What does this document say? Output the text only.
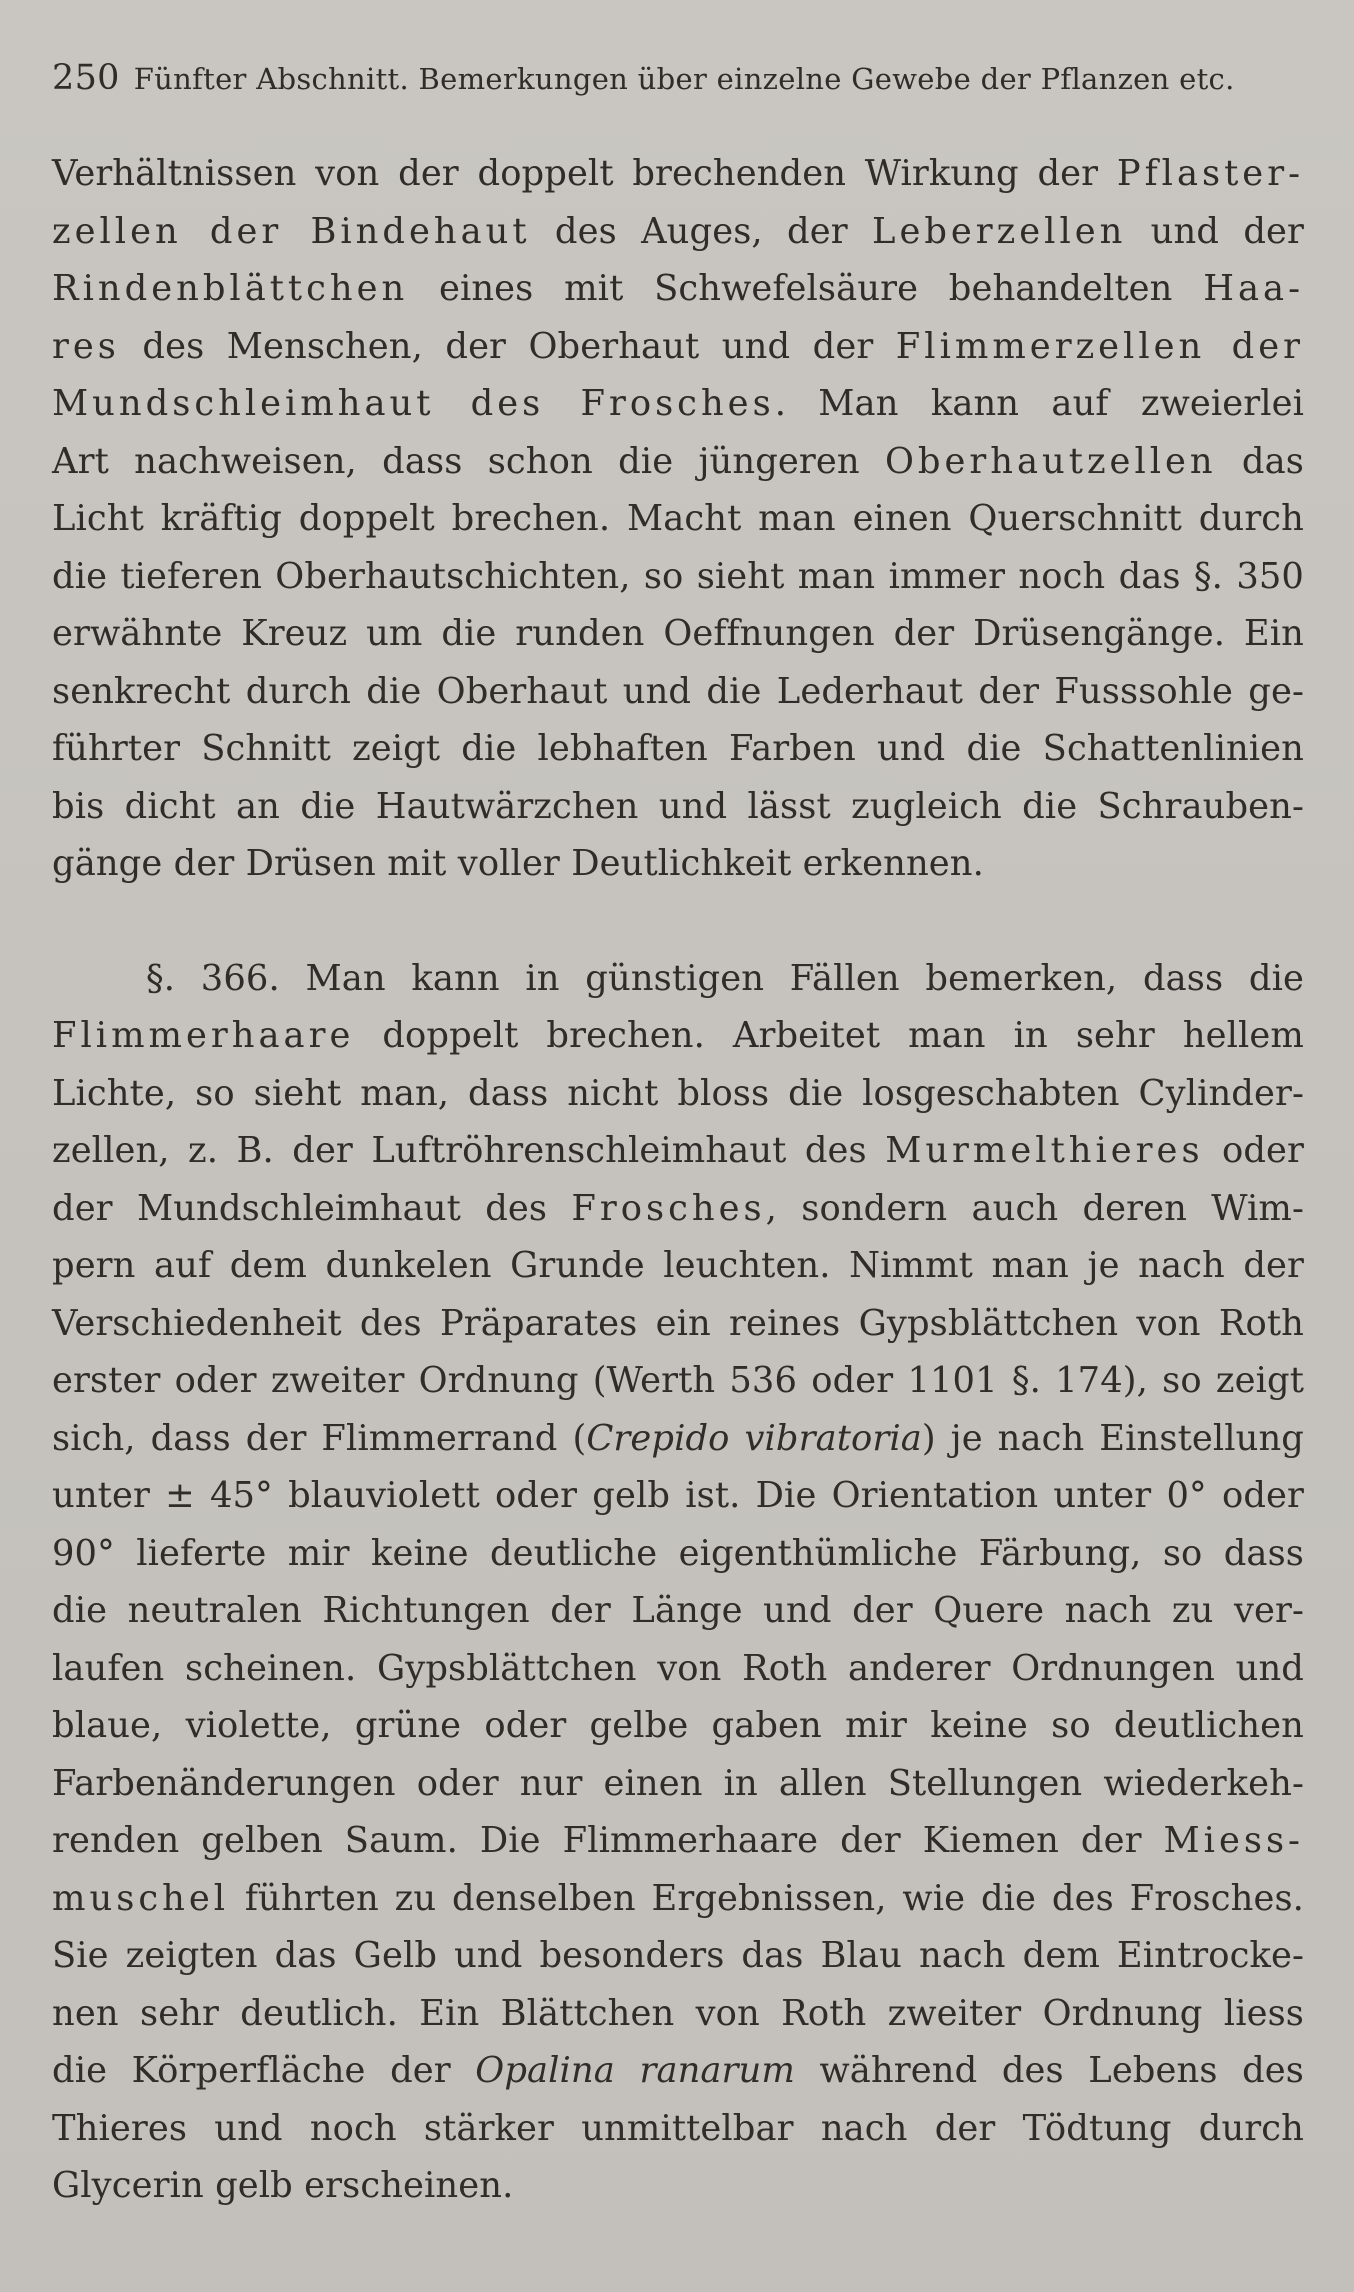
250 Fünfter Abschnitt. Bemerkungen über einzelne Gewebe der Pflanzen etc.

Verhältnissen von der doppelt brechenden Wirkung der Pflaster-
zellen der Bindehaut des Auges, der Leberzellen und der
Rindenblättchen eines mit Schwefelsäure behandelten Haa-
res des Menschen, der Oberhaut und der Flimmerzellen der
Mundschleimhaut des Frosches. Man kann auf zweierlei
Art nachweisen, dass schon die jüngeren Oberhautzellen das
Licht kräftig doppelt brechen. Macht man einen Querschnitt durch
die tieferen Oberhautschichten, so sieht man immer noch das §. 350
erwähnte Kreuz um die runden Oeffnungen der Drüsengänge. Ein
senkrecht durch die Oberhaut und die Lederhaut der Fusssohle ge-
führter Schnitt zeigt die lebhaften Farben und die Schattenlinien
bis dicht an die Hautwärzchen und lässt zugleich die Schrauben-
gänge der Drüsen mit voller Deutlichkeit erkennen.

§. 366. Man kann in günstigen Fällen bemerken, dass die
Flimmerhaare doppelt brechen. Arbeitet man in sehr hellem
Lichte, so sieht man, dass nicht bloss die losgeschabten Cylinder-
zellen, z. B. der Luftröhrenschleimhaut des Murmelthieres oder
der Mundschleimhaut des Frosches, sondern auch deren Wim-
pern auf dem dunkelen Grunde leuchten. Nimmt man je nach der
Verschiedenheit des Präparates ein reines Gypsblättchen von Roth
erster oder zweiter Ordnung (Werth 536 oder 1101 §. 174), so zeigt
sich, dass der Flimmerrand (Crepido vibratoria) je nach Einstellung
unter ± 45° blauviolett oder gelb ist. Die Orientation unter 0° oder
90° lieferte mir keine deutliche eigenthümliche Färbung, so dass
die neutralen Richtungen der Länge und der Quere nach zu ver-
laufen scheinen. Gypsblättchen von Roth anderer Ordnungen und
blaue, violette, grüne oder gelbe gaben mir keine so deutlichen
Farbenänderungen oder nur einen in allen Stellungen wiederkeh-
renden gelben Saum. Die Flimmerhaare der Kiemen der Miess-
muschel führten zu denselben Ergebnissen, wie die des Frosches.
Sie zeigten das Gelb und besonders das Blau nach dem Eintrocke-
nen sehr deutlich. Ein Blättchen von Roth zweiter Ordnung liess
die Körperfläche der Opalina ranarum während des Lebens des
Thieres und noch stärker unmittelbar nach der Tödtung durch
Glycerin gelb erscheinen.
